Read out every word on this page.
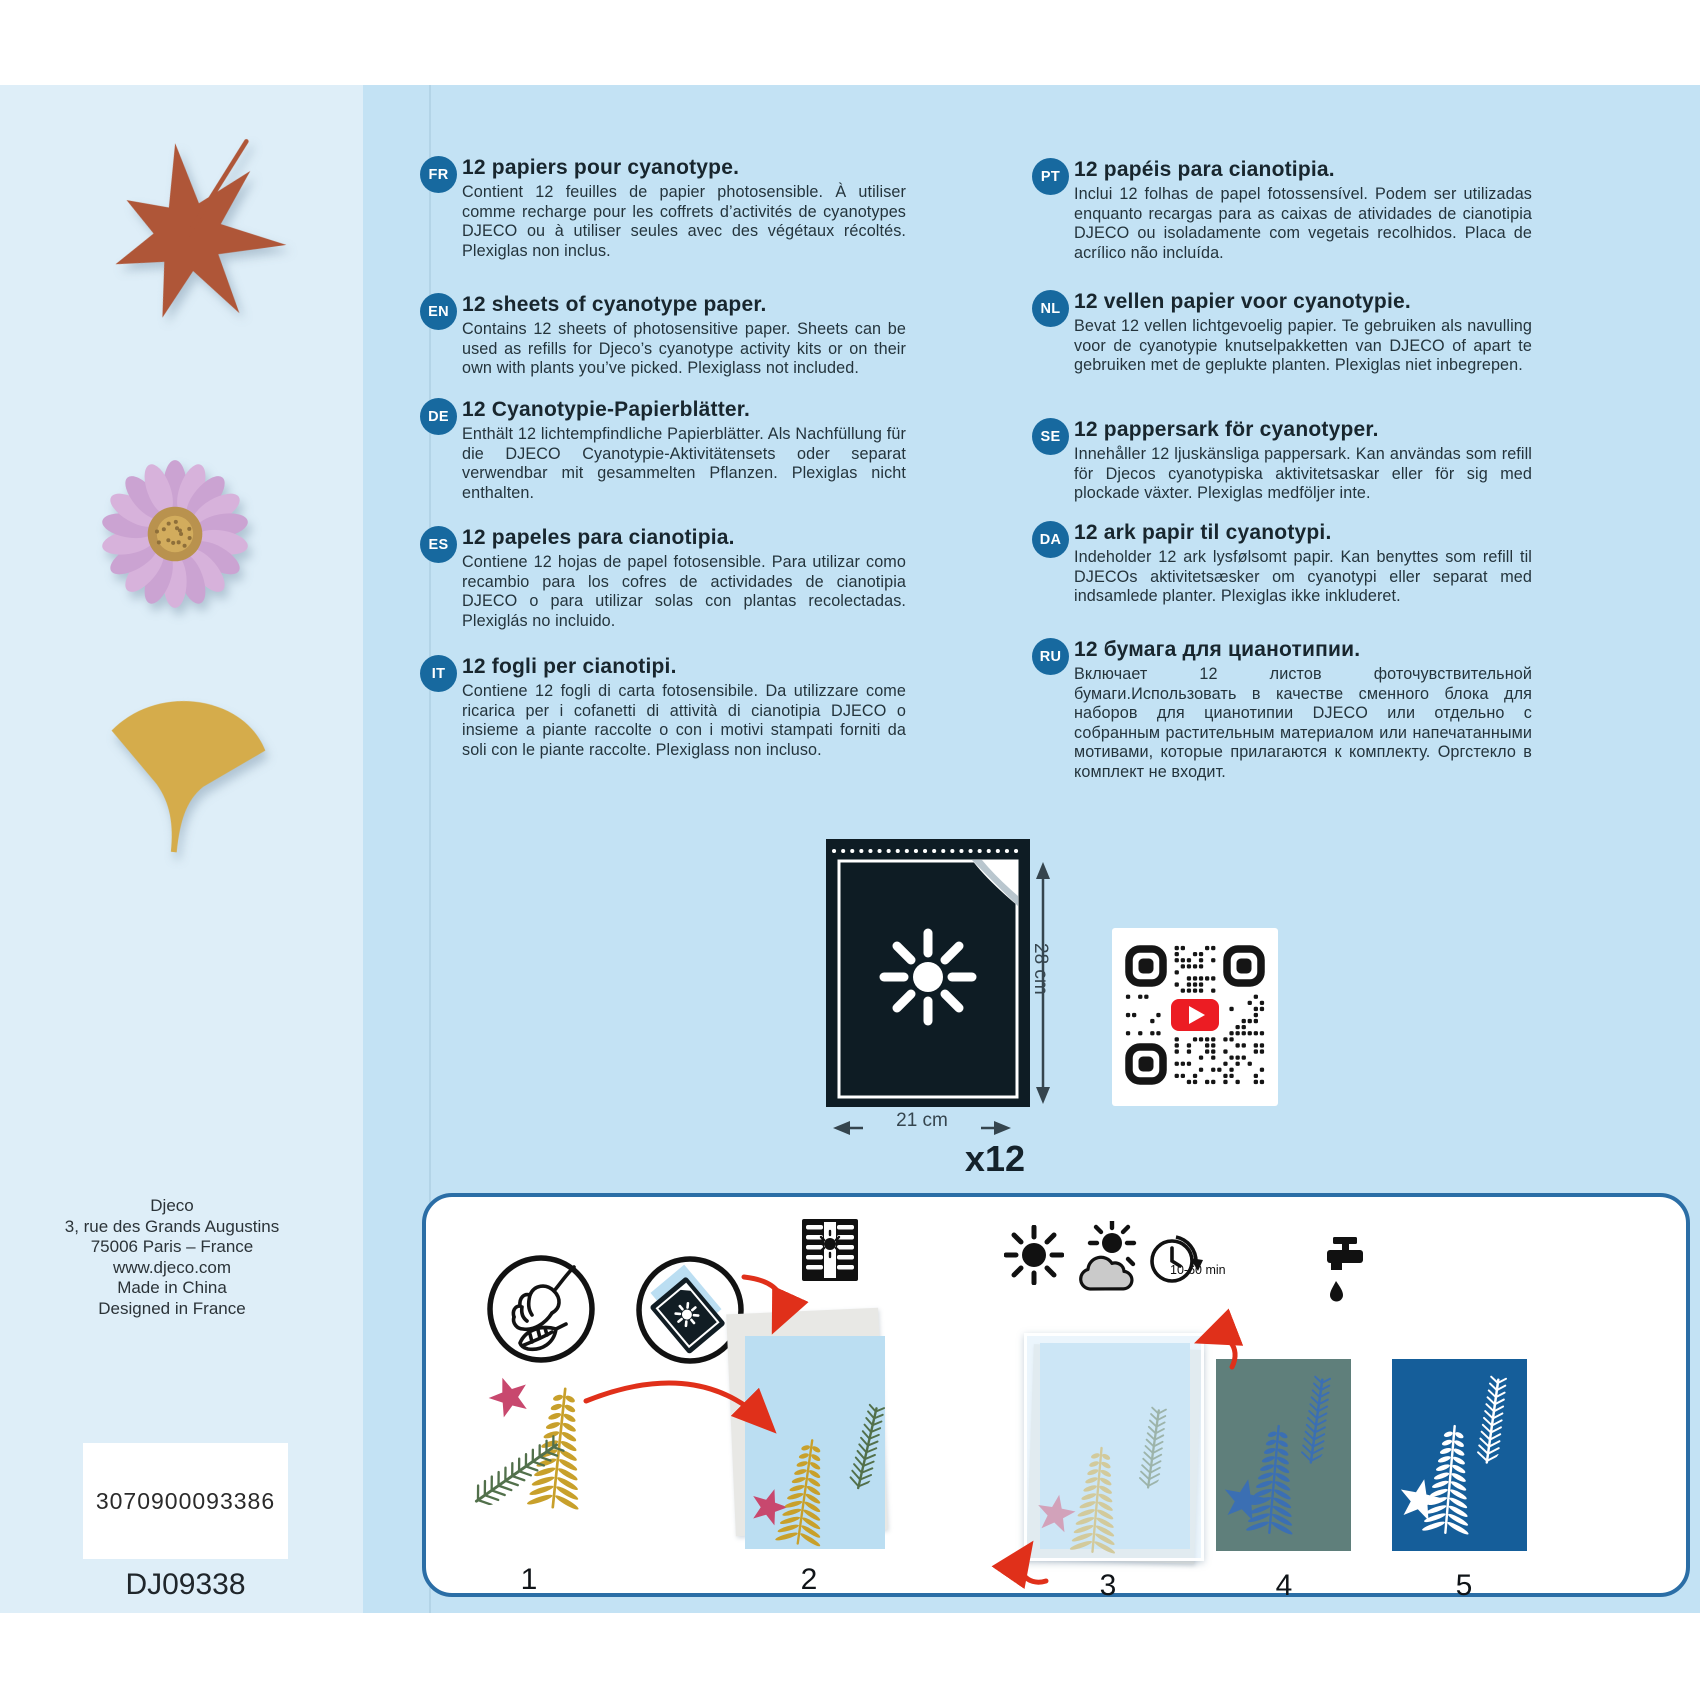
Djeco
3, rue des Grands Augustins
75006 Paris – France
www.djeco.com
Made in China
Designed in France
3070900093386
DJ09338
FR 12 papiers pour cyanotype.

Contient 12 feuilles de papier photosensible. À utiliser comme recharge pour les coffrets d’activités de cyanotypes DJECO ou à utiliser seules avec des végétaux récoltés. Plexiglas non inclus.

EN 12 sheets of cyanotype paper.

Contains 12 sheets of photosensitive paper. Sheets can be used as refills for Djeco’s cyanotype activity kits or on their own with plants you’ve picked. Plexiglass not included.

DE 12 Cyanotypie-Papierblätter.

Enthält 12 lichtempfindliche Papierblätter. Als Nachfüllung für die DJECO Cyanotypie-Aktivitätensets oder separat verwendbar mit gesammelten Pflanzen. Plexiglas nicht enthalten.

ES 12 papeles para cianotipia.

Contiene 12 hojas de papel fotosensible. Para utilizar como recambio para los cofres de actividades de cianotipia DJECO o para utilizar solas con plantas recolectadas. Plexiglás no incluido.

IT 12 fogli per cianotipi.

Contiene 12 fogli di carta fotosensibile. Da utilizzare come ricarica per i cofanetti di attività di cianotipia DJECO o insieme a piante raccolte o con i motivi stampati forniti da soli con le piante raccolte. Plexiglass non incluso.

PT 12 papéis para cianotipia.

Inclui 12 folhas de papel fotossensível. Podem ser utilizadas enquanto recargas para as caixas de atividades de cianotipia DJECO ou isoladamente com vegetais recolhidos. Placa de acrílico não incluída.

NL 12 vellen papier voor cyanotypie.

Bevat 12 vellen lichtgevoelig papier. Te gebruiken als navulling voor de cyanotypie knutselpakketten van DJECO of apart te gebruiken met de geplukte planten. Plexiglas niet inbegrepen.

SE 12 pappersark för cyanotyper.

Innehåller 12 ljuskänsliga pappersark. Kan användas som refill för Djecos cyanotypiska aktivitetsaskar eller för sig med plockade växter. Plexiglas medföljer inte.

DA 12 ark papir til cyanotypi.

Indeholder 12 ark lysfølsomt papir. Kan benyttes som refill til DJECOs aktivitetsæsker om cyanotypi eller separat med indsamlede planter. Plexiglas ikke inkluderet.

RU 12 бумага для цианотипии.

Включает 12 листов фоточувствительной бумаги.Использовать в качестве сменного блока для наборов для цианотипии DJECO или отдельно с собранным растительным материалом или напечатанными мотивами, которые прилагаются к комплекту. Оргстекло в комплект не входит.

28 cm
21 cm
x12
10-60 min
1	2	3	4	5
